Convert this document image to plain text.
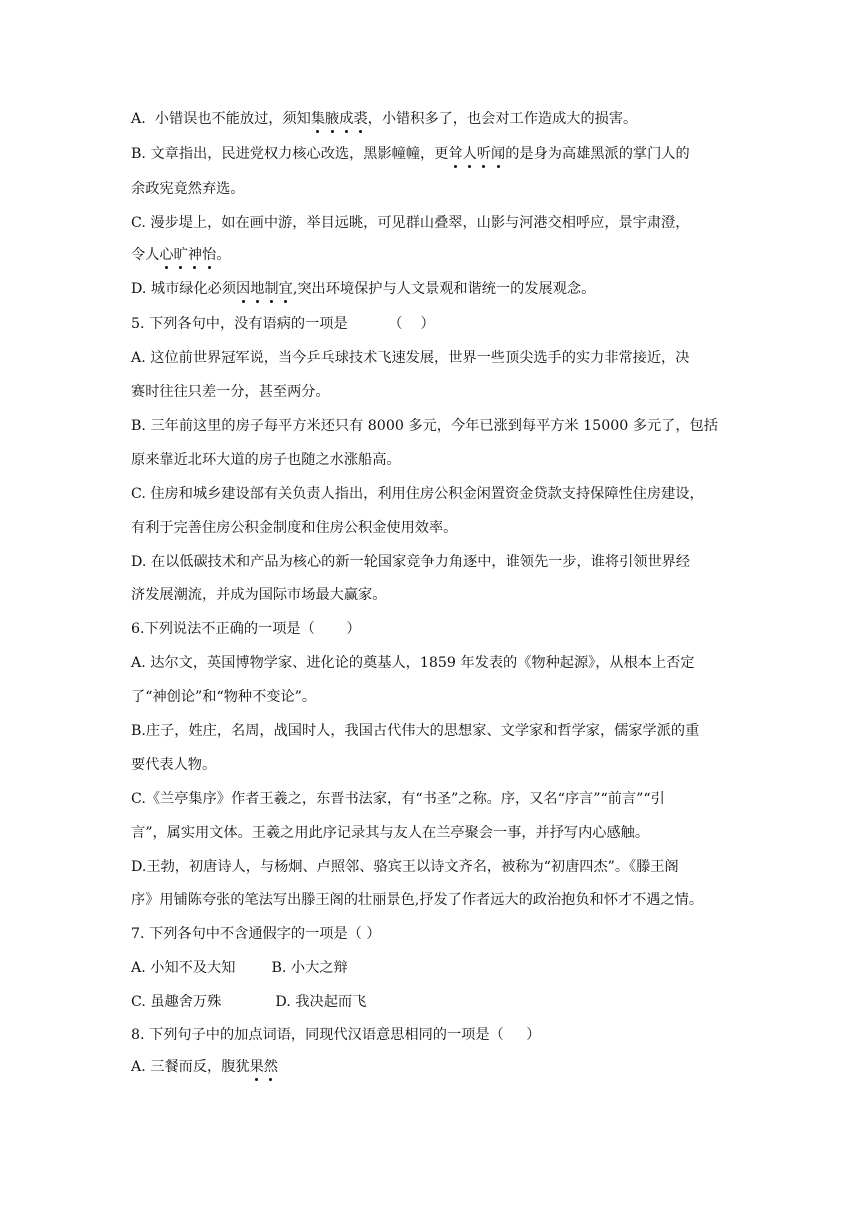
A.  小错误也不能放过，须知集腋成裘，小错积多了，也会对工作造成大的损害。
B. 文章指出，民进党权力核心改选，黑影幢幢，更耸人听闻的是身为高雄黑派的掌门人的
余政宪竟然弃选。
C. 漫步堤上，如在画中游，举目远眺，可见群山叠翠，山影与河港交相呼应，景宇肃澄，
令人心旷神怡。
D. 城市绿化必须因地制宜,突出环境保护与人文景观和谐统一的发展观念。
5. 下列各句中，没有语病的一项是         （    ）
A. 这位前世界冠军说，当今乒乓球技术飞速发展，世界一些顶尖选手的实力非常接近，决
赛时往往只差一分，甚至两分。
B. 三年前这里的房子每平方米还只有 8000 多元，今年已涨到每平方米 15000 多元了，包括
原来靠近北环大道的房子也随之水涨船高。
C. 住房和城乡建设部有关负责人指出，利用住房公积金闲置资金贷款支持保障性住房建设，
有利于完善住房公积金制度和住房公积金使用效率。
D. 在以低碳技术和产品为核心的新一轮国家竞争力角逐中，谁领先一步，谁将引领世界经
济发展潮流，并成为国际市场最大赢家。
6.下列说法不正确的一项是（       ）
A. 达尔文，英国博物学家、进化论的奠基人，1859 年发表的《物种起源》，从根本上否定
了“神创论”和“物种不变论”。
B.庄子，姓庄，名周，战国时人，我国古代伟大的思想家、文学家和哲学家，儒家学派的重
要代表人物。
C.《兰亭集序》作者王羲之，东晋书法家，有“书圣”之称。序，又名“序言”“前言”“引
言”，属实用文体。王羲之用此序记录其与友人在兰亭聚会一事，并抒写内心感触。
D.王勃，初唐诗人，与杨炯、卢照邻、骆宾王以诗文齐名，被称为“初唐四杰”。《滕王阁
序》用铺陈夸张的笔法写出滕王阁的壮丽景色,抒发了作者远大的政治抱负和怀才不遇之情。
7. 下列各句中不含通假字的一项是（ ）
A. 小知不及大知        B. 小大之辩
C. 虽趣舍万殊            D. 我决起而飞
8. 下列句子中的加点词语，同现代汉语意思相同的一项是（     ）
A. 三餐而反，腹犹果然
